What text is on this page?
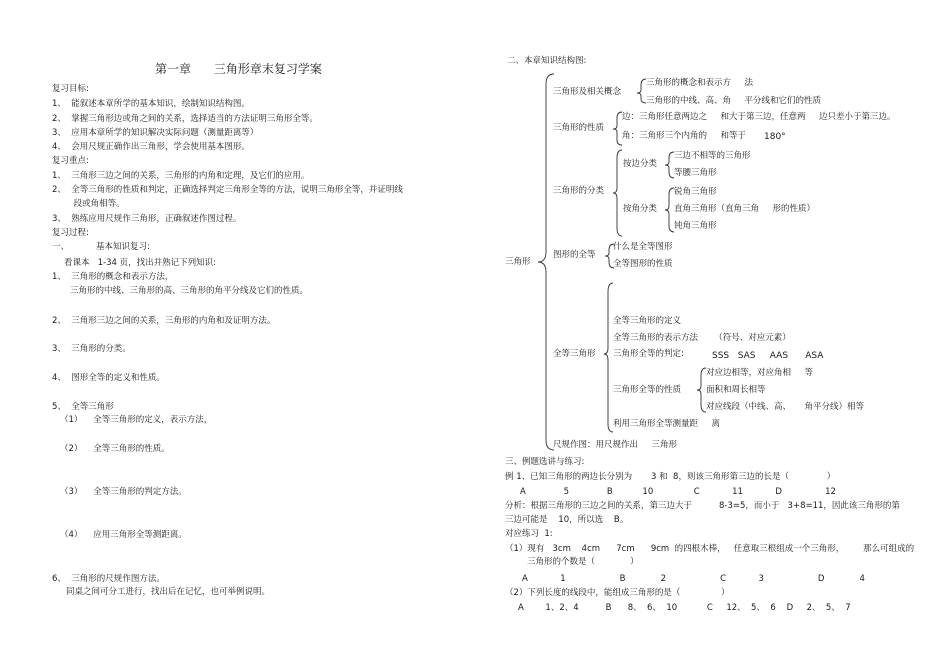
第一章      三角形章末复习学案
复习目标:
1、  能叙述本章所学的基本知识，绘制知识结构图。
2、  掌握三角形边或角之间的关系，选择适当的方法证明三角形全等。
3、  应用本章所学的知识解决实际问题（测量距离等）
4、  会用尺规正确作出三角形，学会使用基本图形。
复习重点:
1、  三角形三边之间的关系，三角形的内角和定理，及它们的应用。
2、  全等三角形的性质和判定，正确选择判定三角形全等的方法，说明三角形全等，并证明线
段或角相等。
3、  熟练应用尺规作三角形，正确叙述作图过程。
复习过程:
一、          基本知识复习:
看课本   1-34 页，找出并熟记下列知识:
1、  三角形的概念和表示方法，
三角形的中线、三角形的高、三角形的角平分线及它们的性质。
2、  三角形三边之间的关系，三角形的内角和及证明方法。
3、  三角形的分类。
4、  图形全等的定义和性质。
5、  全等三角形
（1）    全等三角形的定义，表示方法，
（2）    全等三角形的性质。
（3）    全等三角形的判定方法。
（4）    应用三角形全等测距离。
6、  三角形的尺规作图方法。
同桌之间可分工进行，找出后在记忆，也可举例说明。
二、本章知识结构图:
三角形
三角形及相关概念
三角形的概念和表示方     法
三角形的中线、高、角     平分线和它们的性质
三角形的性质
边：三角形任意两边之     和大于第三边，任意两     边只差小于第三边。
角：三角形三个内角的     和等于 180°
三角形的分类
按边分类
三边不相等的三角形
等腰三角形
按角分类
锐角三角形
直角三角形（直角三角     形的性质）
钝角三角形
图形的全等
什么是全等图形
全等图形的性质
全等三角形
全等三角形的定义
全等三角形的表示方法      （符号、对应元素）
三角形全等的判定:	SSS   SAS     AAS      ASA
三角形全等的性质
对应边相等，对应角相     等
面积和周长相等
对应线段（中线、高、     角平分线）相等
利用三角形全等测量距     离
尺规作图：用尺规作出     三角形
三、例题选讲与练习:
例 1、已知三角形的两边长分别为       3 和  8，则该三角形第三边的长是（              ）
A              5              B           10               C            11            D                12
分析：根据三角形的三边之间的关系，第三边大于          8-3=5，而小于   3+8=11，因此该三角形的第
三边可能是    10，所以选    B。
对应练习  1:
（1）现有   3cm    4cm      7cm      9cm  的四根木棒，   任意取三根组成一个三角形，       那么可组成的
三角形的个数是（             ）
A            1                    B             2                    C            3                    D             4
（2）下列长度的线段中，能组成三角形的是（               ）
A        1、2、4          B      8、  6、  10           C     12、  5、  6    D     2、  5、  7
